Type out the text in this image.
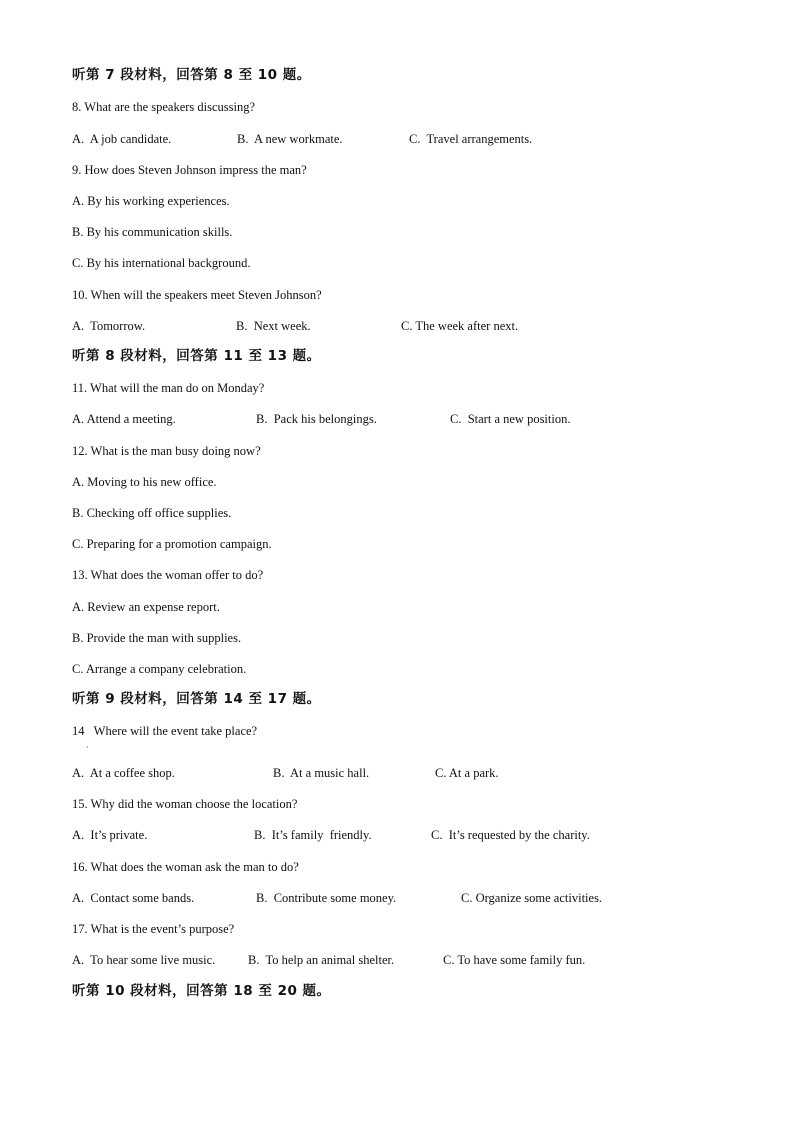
听第 7 段材料，回答第 8 至 10 题。
8. What are the speakers discussing?
A.  A job candidate.	B.  A new workmate.	C.  Travel arrangements.
9. How does Steven Johnson impress the man?
A. By his working experiences.
B. By his communication skills.
C. By his international background.
10. When will the speakers meet Steven Johnson?
A.  Tomorrow.	B.  Next week.	C. The week after next.
听第 8 段材料，回答第 11 至 13 题。
11. What will the man do on Monday?
A. Attend a meeting.	B.  Pack his belongings.	C.  Start a new position.
12. What is the man busy doing now?
A. Moving to his new office.
B. Checking off office supplies.
C. Preparing for a promotion campaign.
13. What does the woman offer to do?
A. Review an expense report.
B. Provide the man with supplies.
C. Arrange a company celebration.
听第 9 段材料，回答第 14 至 17 题。
14   Where will the event take place?
·
A.  At a coffee shop.	B.  At a music hall.	C. At a park.
15. Why did the woman choose the location?
A.  It’s private.	B.  It’s family  friendly.	C.  It’s requested by the charity.
16. What does the woman ask the man to do?
A.  Contact some bands.	B.  Contribute some money.	C. Organize some activities.
17. What is the event’s purpose?
A.  To hear some live music.	B.  To help an animal shelter.	C. To have some family fun.
听第 10 段材料，回答第 18 至 20 题。
